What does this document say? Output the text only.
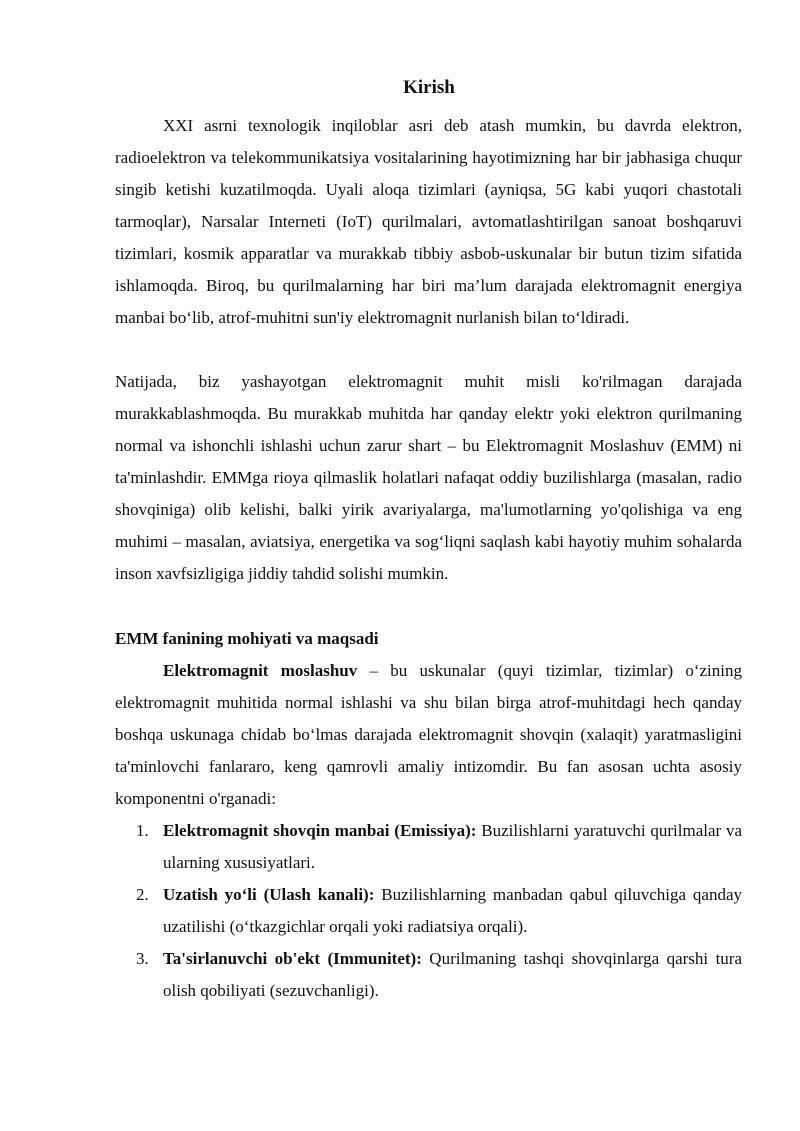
Kirish

XXI asrni texnologik inqiloblar asri deb atash mumkin, bu davrda elektron, radioelektron va telekommunikatsiya vositalarining hayotimizning har bir jabhasiga chuqur singib ketishi kuzatilmoqda. Uyali aloqa tizimlari (ayniqsa, 5G kabi yuqori chastotali tarmoqlar), Narsalar Interneti (IoT) qurilmalari, avtomatlashtirilgan sanoat boshqaruvi tizimlari, kosmik apparatlar va murakkab tibbiy asbob-uskunalar bir butun tizim sifatida ishlamoqda. Biroq, bu qurilmalarning har biri ma’lum darajada elektromagnit energiya manbai bo‘lib, atrof-muhitni sun'iy elektromagnit nurlanish bilan to‘ldiradi.

Natijada, biz yashayotgan elektromagnit muhit misli ko'rilmagan darajada murakkablashmoqda. Bu murakkab muhitda har qanday elektr yoki elektron qurilmaning normal va ishonchli ishlashi uchun zarur shart – bu Elektromagnit Moslashuv (EMM) ni ta'minlashdir. EMMga rioya qilmaslik holatlari nafaqat oddiy buzilishlarga (masalan, radio shovqiniga) olib kelishi, balki yirik avariyalarga, ma'lumotlarning yo'qolishiga va eng muhimi – masalan, aviatsiya, energetika va sog‘liqni saqlash kabi hayotiy muhim sohalarda inson xavfsizligiga jiddiy tahdid solishi mumkin.

EMM fanining mohiyati va maqsadi

Elektromagnit moslashuv – bu uskunalar (quyi tizimlar, tizimlar) o‘zining elektromagnit muhitida normal ishlashi va shu bilan birga atrof-muhitdagi hech qanday boshqa uskunaga chidab bo‘lmas darajada elektromagnit shovqin (xalaqit) yaratmasligini ta'minlovchi fanlararo, keng qamrovli amaliy intizomdir. Bu fan asosan uchta asosiy komponentni o'rganadi:

1. Elektromagnit shovqin manbai (Emissiya): Buzilishlarni yaratuvchi qurilmalar va ularning xususiyatlari.
2. Uzatish yo‘li (Ulash kanali): Buzilishlarning manbadan qabul qiluvchiga qanday uzatilishi (o‘tkazgichlar orqali yoki radiatsiya orqali).
3. Ta'sirlanuvchi ob'ekt (Immunitet): Qurilmaning tashqi shovqinlarga qarshi tura olish qobiliyati (sezuvchanligi).
